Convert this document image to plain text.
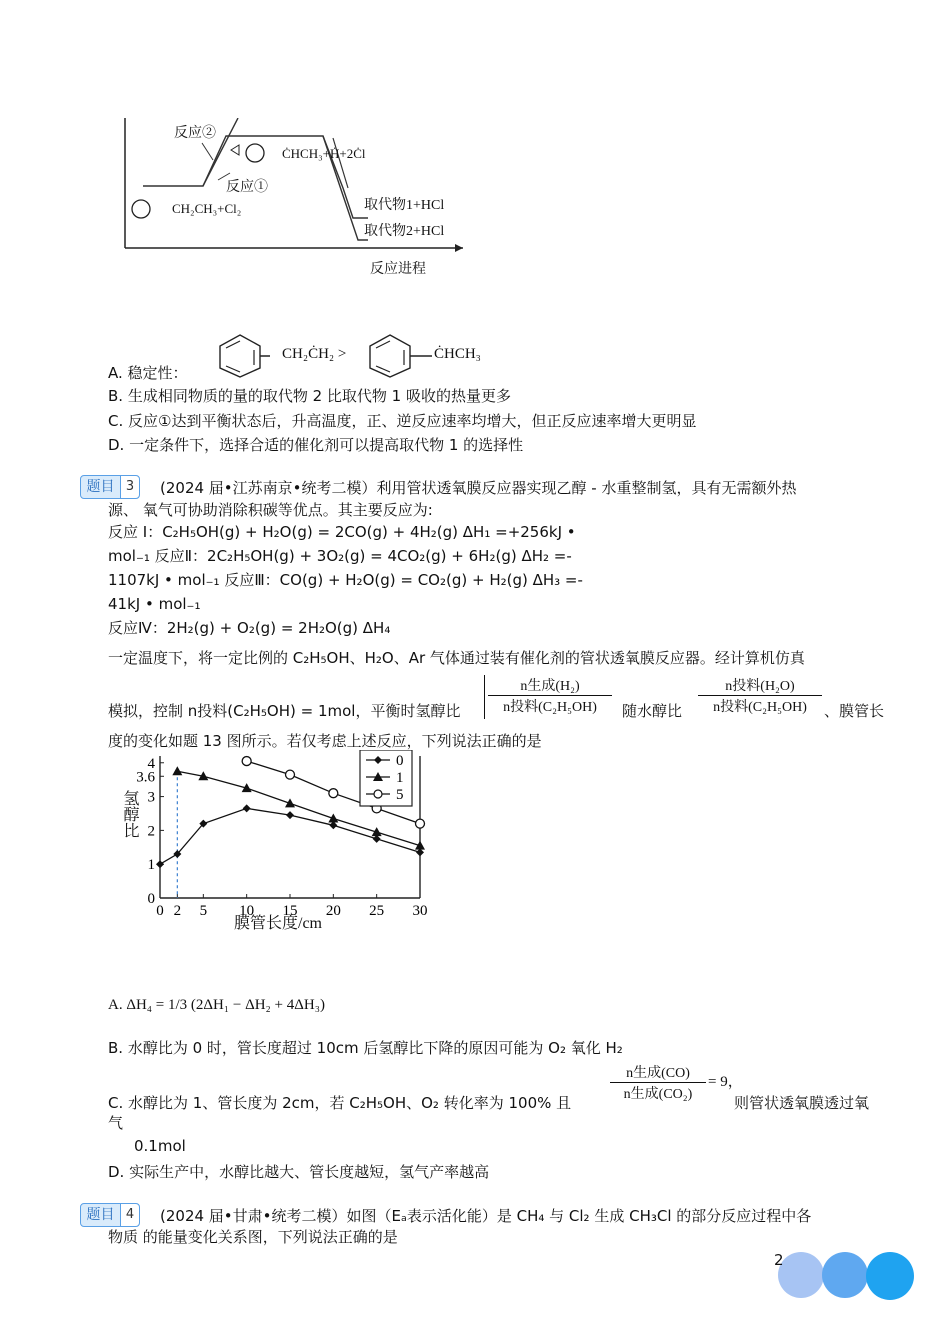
反应②
反应①
ĊHCH₃+Ḣ+2Ċl
CH₂CH₃+Cl₂	取代物1+HCl
取代物2+HCl
反应进程
A. 稳定性：
CH₂ĊH₂ >	ĊHCH₃
B. 生成相同物质的量的取代物 2 比取代物 1 吸收的热量更多
C. 反应①达到平衡状态后，升高温度，正、逆反应速率均增大，但正反应速率增大更明显
D. 一定条件下，选择合适的催化剂可以提高取代物 1 的选择性
题目 3	(2024 届•江苏南京•统考二模）利用管状透氧膜反应器实现乙醇 - 水重整制氢，具有无需额外热
源、 氧气可协助消除积碳等优点。其主要反应为:
反应 Ⅰ：C₂H₅OH(g) + H₂O(g) = 2CO(g) + 4H₂(g) ΔH₁ =+256kJ •
mol₋₁ 反应Ⅱ：2C₂H₅OH(g) + 3O₂(g) = 4CO₂(g) + 6H₂(g) ΔH₂ =-
1107kJ • mol₋₁ 反应Ⅲ：CO(g) + H₂O(g) = CO₂(g) + H₂(g) ΔH₃ =-
41kJ • mol₋₁
反应Ⅳ：2H₂(g) + O₂(g) = 2H₂O(g) ΔH₄
一定温度下，将一定比例的 C₂H₅OH、H₂O、Ar 气体通过装有催化剂的管状透氧膜反应器。经计算机仿真
模拟，控制 n投料(C₂H₅OH) = 1mol，平衡时氢醇比
n生成(H₂)
n投料(C₂H₅OH)	随水醇比
n投料(H₂O)
n投料(C₂H₅OH)	、膜管长
度的变化如题 13 图所示。若仅考虑上述反应，下列说法正确的是
0 2 5 10 15 20 25 30
0
1
2
3
3.6
4	0
1
5
膜管长度/cm
氢醇比
A. ΔH₄ = 1/3 (2ΔH₁ − ΔH₂ + 4ΔH₃)
B. 水醇比为 0 时，管长度超过 10cm 后氢醇比下降的原因可能为 O₂ 氧化 H₂
C. 水醇比为 1、管长度为 2cm，若 C₂H₅OH、O₂ 转化率为 100% 且
n生成(CO)
n生成(CO₂)
= 9，
则管状透氧膜透过氧
气
0.1mol
D. 实际生产中，水醇比越大、管长度越短，氢气产率越高
题目 4	(2024 届•甘肃•统考二模）如图（Eₐ表示活化能）是 CH₄ 与 Cl₂ 生成 CH₃Cl 的部分反应过程中各
物质 的能量变化关系图，下列说法正确的是
2
